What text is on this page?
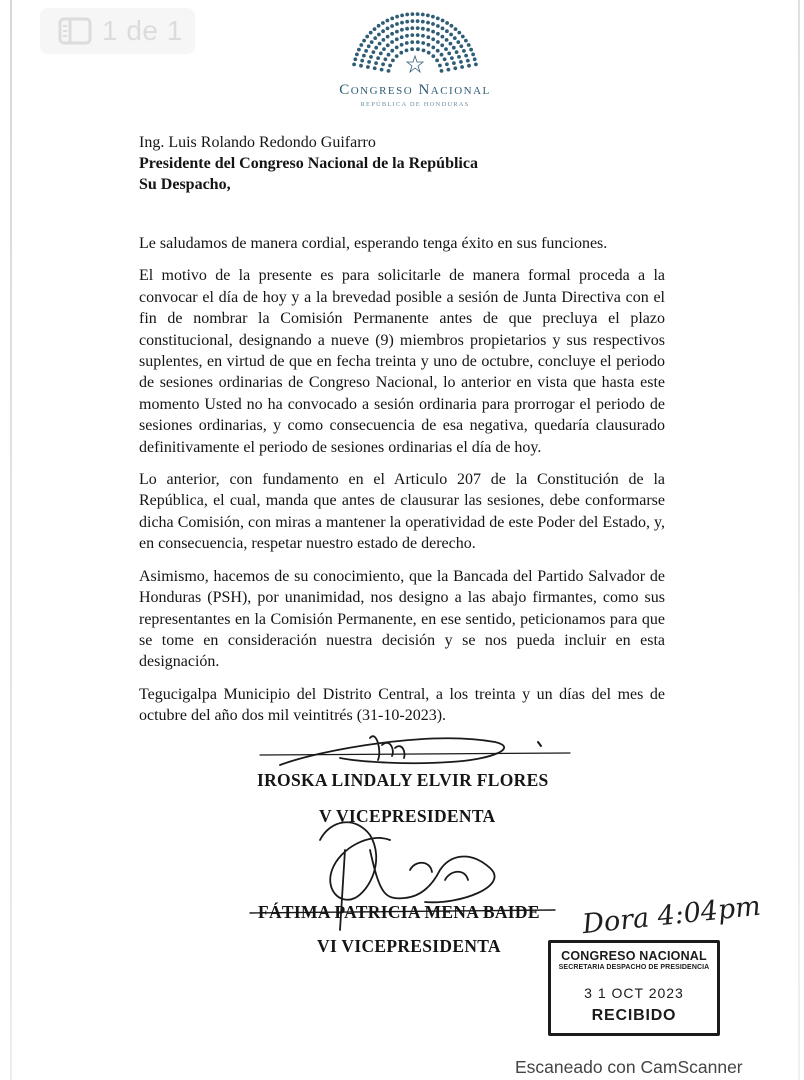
1 de 1
Congreso Nacional
REPÚBLICA DE HONDURAS
Ing. Luis Rolando Redondo Guifarro
Presidente del Congreso Nacional de la República
Su Despacho,

Le saludamos de manera cordial, esperando tenga éxito en sus funciones.

El motivo de la presente es para solicitarle de manera formal proceda a la convocar el día de hoy y a la brevedad posible a sesión de Junta Directiva con el fin de nombrar la Comisión Permanente antes de que precluya el plazo constitucional, designando a nueve (9) miembros propietarios y sus respectivos suplentes, en virtud de que en fecha treinta y uno de octubre, concluye el periodo de sesiones ordinarias de Congreso Nacional, lo anterior en vista que hasta este momento Usted no ha convocado a sesión ordinaria para prorrogar el periodo de sesiones ordinarias, y como consecuencia de esa negativa, quedaría clausurado definitivamente el periodo de sesiones ordinarias el día de hoy.

Lo anterior, con fundamento en el Articulo 207 de la Constitución de la República, el cual, manda que antes de clausurar las sesiones, debe conformarse dicha Comisión, con miras a mantener la operatividad de este Poder del Estado, y, en consecuencia, respetar nuestro estado de derecho.

Asimismo, hacemos de su conocimiento, que la Bancada del Partido Salvador de Honduras (PSH), por unanimidad, nos designo a las abajo firmantes, como sus representantes en la Comisión Permanente, en ese sentido, peticionamos para que se tome en consideración nuestra decisión y se nos pueda incluir en esta designación.

Tegucigalpa Municipio del Distrito Central, a los treinta y un días del mes de octubre del año dos mil veintitrés (31-10-2023).

IROSKA LINDALY ELVIR FLORES
V VICEPRESIDENTA
FÁTIMA PATRICIA MENA BAIDE
VI VICEPRESIDENTA
Dora 4:04pm
CONGRESO NACIONAL
SECRETARIA DESPACHO DE PRESIDENCIA
3 1 OCT 2023
RECIBIDO
Escaneado con CamScanner
